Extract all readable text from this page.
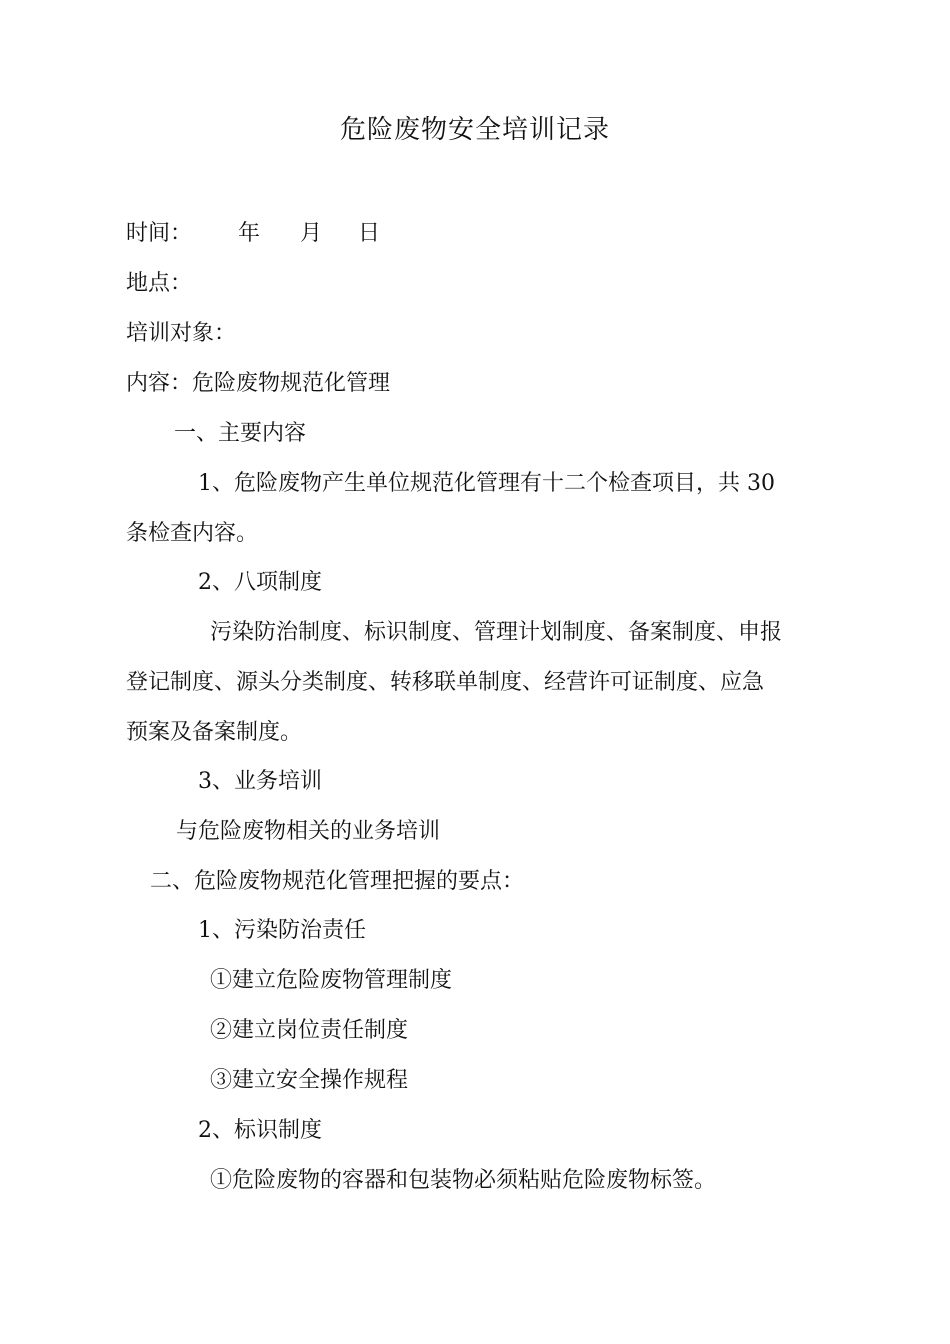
危险废物安全培训记录
时间： 年 月 日
地点：
培训对象：
内容：危险废物规范化管理
一、主要内容
1、危险废物产生单位规范化管理有十二个检查项目，共 30
条检查内容。
2、八项制度
污染防治制度、标识制度、管理计划制度、备案制度、申报
登记制度、源头分类制度、转移联单制度、经营许可证制度、应急
预案及备案制度。
3、业务培训
与危险废物相关的业务培训
二、危险废物规范化管理把握的要点：
1、污染防治责任
①建立危险废物管理制度
②建立岗位责任制度
③建立安全操作规程
2、标识制度
①危险废物的容器和包装物必须粘贴危险废物标签。
